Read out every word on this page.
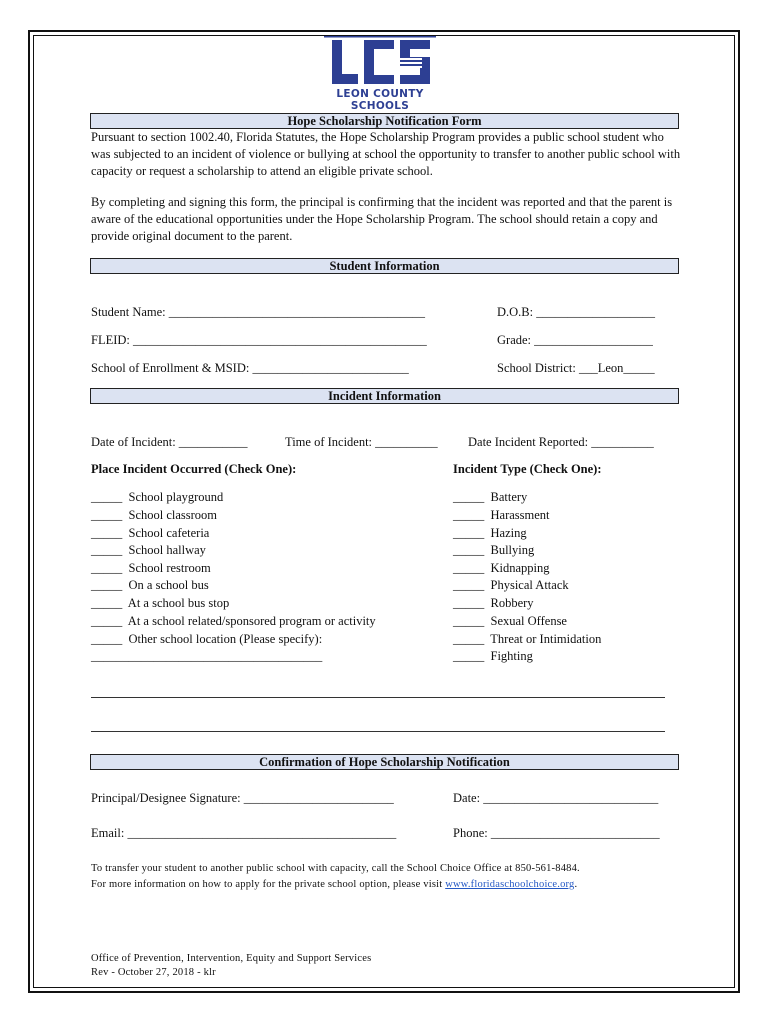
LEON COUNTY SCHOOLS
Hope Scholarship Notification Form

Pursuant to section 1002.40, Florida Statutes, the Hope Scholarship Program provides a public school student who was subjected to an incident of violence or bullying at school the opportunity to transfer to another public school with capacity or request a scholarship to attend an eligible private school.

By completing and signing this form, the principal is confirming that the incident was reported and that the parent is aware of the educational opportunities under the Hope Scholarship Program. The school should retain a copy and provide original document to the parent.

Student Information
Student Name: _________________________________________	D.O.B: ___________________
FLEID: _______________________________________________	Grade: ___________________
School of Enrollment & MSID: _________________________	School District: ___Leon_____
Incident Information
Date of Incident: ___________	Time of Incident: __________ Date Incident Reported: __________
Place Incident Occurred (Check One):	Incident Type (Check One):
_____  School playground
_____  School classroom
_____  School cafeteria
_____  School hallway
_____  School restroom
_____  On a school bus
_____  At a school bus stop
_____  At a school related/sponsored program or activity
_____  Other school location (Please specify):
_____________________________________
_____  Battery
_____  Harassment
_____  Hazing
_____  Bullying
_____  Kidnapping
_____  Physical Attack
_____  Robbery
_____  Sexual Offense
_____  Threat or Intimidation
_____  Fighting
Confirmation of Hope Scholarship Notification
Principal/Designee Signature: ________________________	Date: ____________________________
Email: ___________________________________________	Phone: ___________________________
To transfer your student to another public school with capacity, call the School Choice Office at 850-561-8484.
For more information on how to apply for the private school option, please visit www.floridaschoolchoice.org.
Office of Prevention, Intervention, Equity and Support Services
Rev - October 27, 2018 - klr
